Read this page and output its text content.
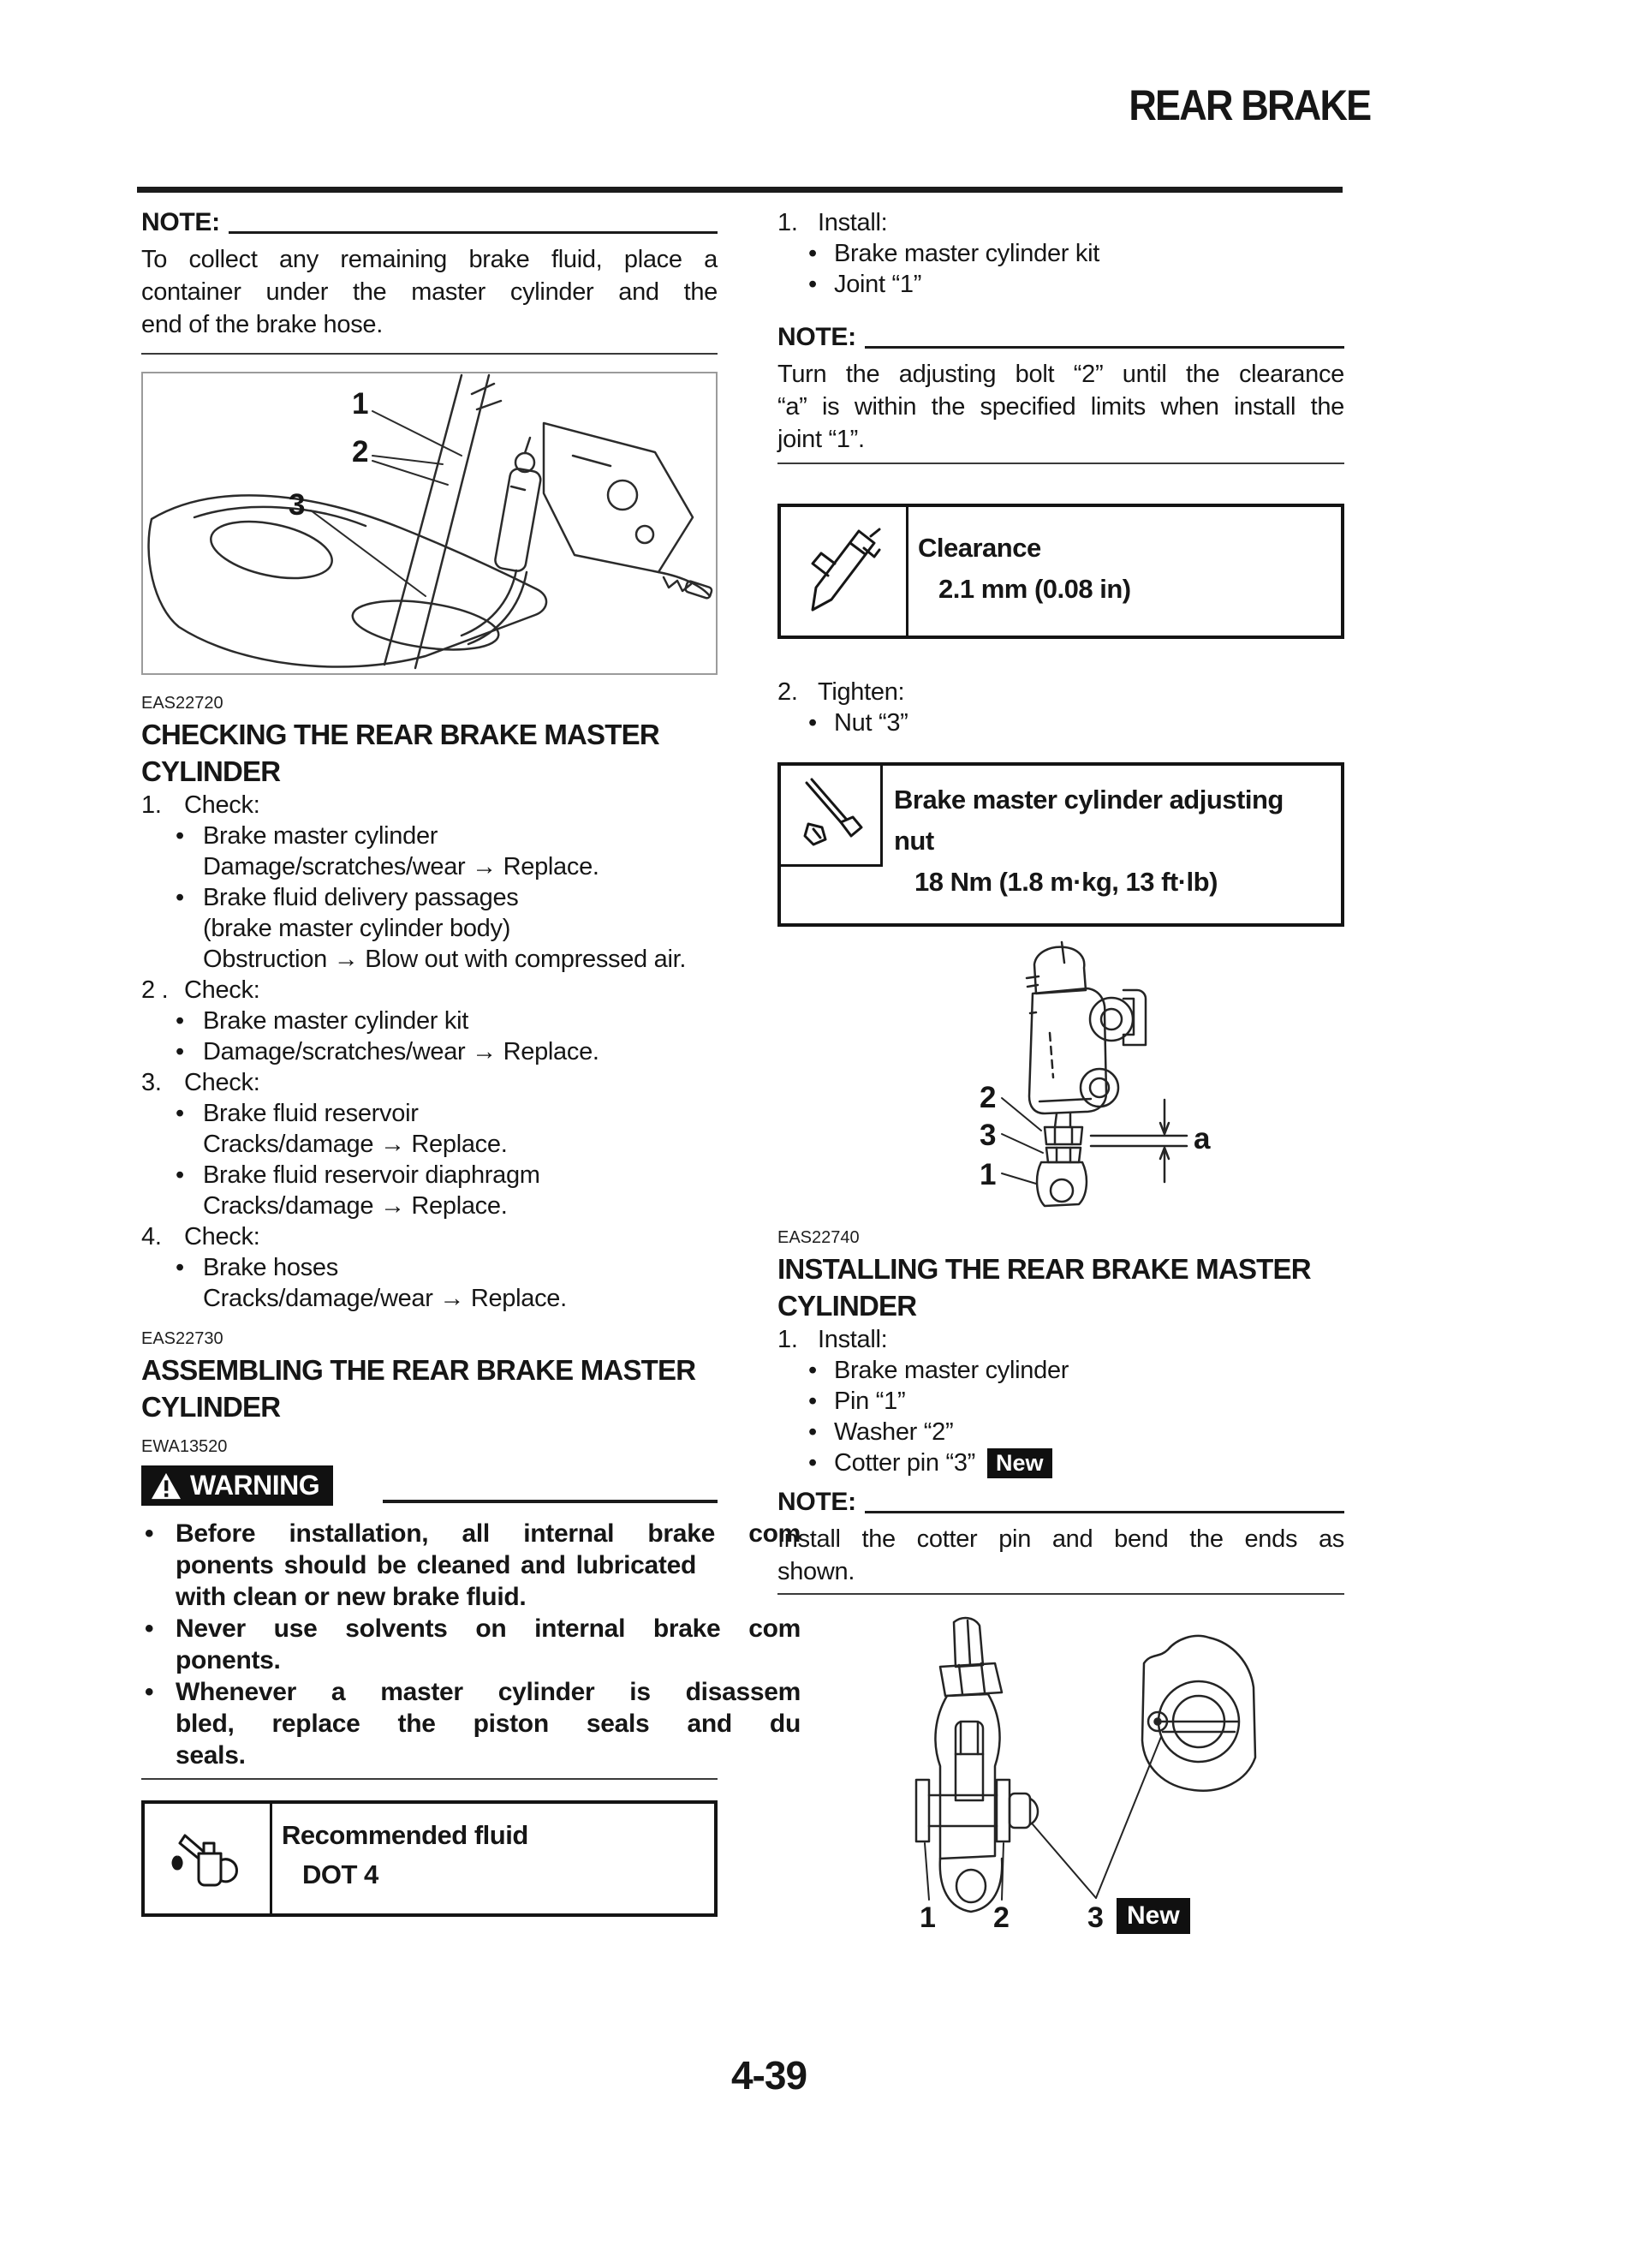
REAR BRAKE
NOTE:
To collect any remaining brake fluid, place a
container under the master cylinder and the
end of the brake hose.
1
2
3
EAS22720
CHECKING THE REAR BRAKE MASTER
CYLINDER
1. Check:
• Brake master cylinder
Damage/scratches/wear → Replace.
• Brake fluid delivery passages
(brake master cylinder body)
Obstruction → Blow out with compressed air.
2 . Check:
• Brake master cylinder kit
• Damage/scratches/wear → Replace.
3. Check:
• Brake fluid reservoir
Cracks/damage → Replace.
• Brake fluid reservoir diaphragm
Cracks/damage → Replace.
4. Check:
• Brake hoses
Cracks/damage/wear → Replace.
EAS22730
ASSEMBLING THE REAR BRAKE MASTER
CYLINDER
EWA13520
WARNING
• Before installation, all internal brake com
ponents should be cleaned and lubricated
with clean or new brake fluid.
• Never use solvents on internal brake com
ponents.
• Whenever a master cylinder is disassem
bled, replace the piston seals and du
seals.
Recommended fluid
DOT 4
1. Install:
• Brake master cylinder kit
• Joint “1”
NOTE:
Turn the adjusting bolt “2” until the clearance
“a” is within the specified limits when install the
joint “1”.
Clearance
2.1 mm (0.08 in)
2. Tighten:
• Nut “3”
Brake master cylinder adjusting
nut
18 Nm (1.8 m·kg, 13 ft·lb)
2
3
1
a
EAS22740
INSTALLING THE REAR BRAKE MASTER
CYLINDER
1. Install:
• Brake master cylinder
• Pin “1”
• Washer “2”
• Cotter pin “3” New
NOTE:
Install the cotter pin and bend the ends as
shown.
1 2	3 New
4-39
